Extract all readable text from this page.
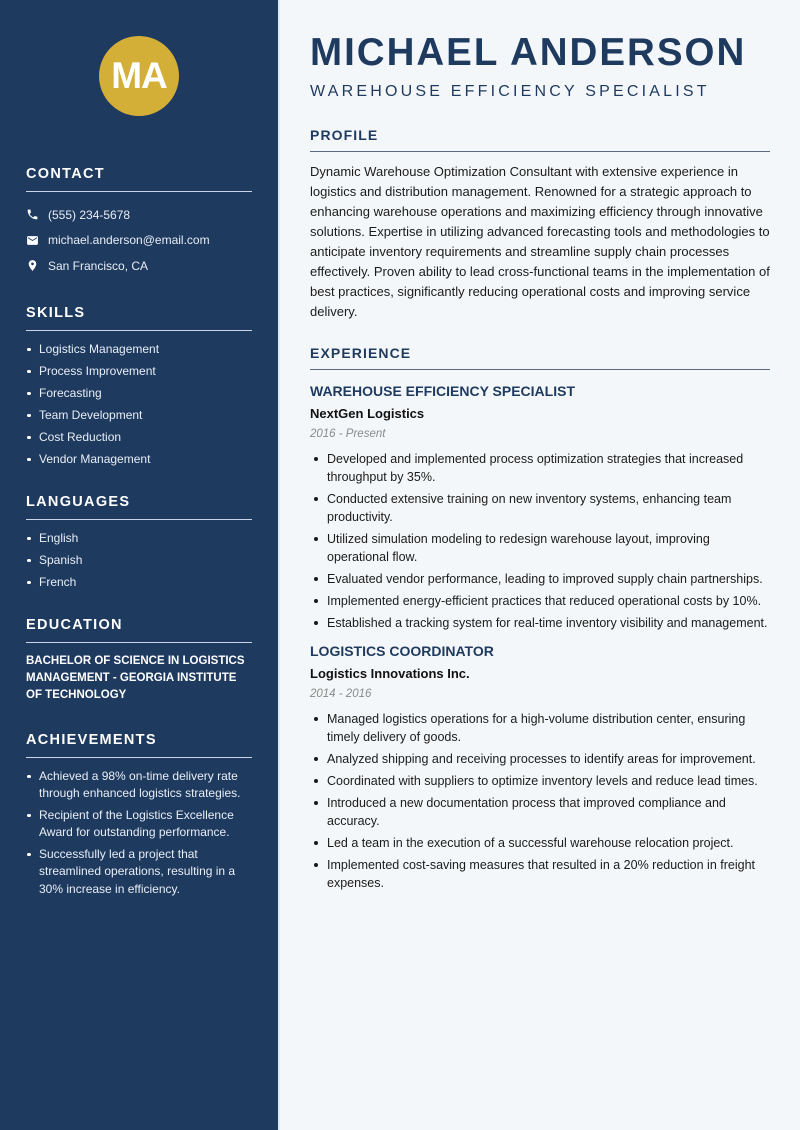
MA
CONTACT
(555) 234-5678
michael.anderson@email.com
San Francisco, CA
SKILLS
Logistics Management
Process Improvement
Forecasting
Team Development
Cost Reduction
Vendor Management
LANGUAGES
English
Spanish
French
EDUCATION

BACHELOR OF SCIENCE IN LOGISTICS MANAGEMENT - GEORGIA INSTITUTE OF TECHNOLOGY

ACHIEVEMENTS
Achieved a 98% on-time delivery rate through enhanced logistics strategies.
Recipient of the Logistics Excellence Award for outstanding performance.
Successfully led a project that streamlined operations, resulting in a 30% increase in efficiency.
MICHAEL ANDERSON
WAREHOUSE EFFICIENCY SPECIALIST
PROFILE

Dynamic Warehouse Optimization Consultant with extensive experience in logistics and distribution management. Renowned for a strategic approach to enhancing warehouse operations and maximizing efficiency through innovative solutions. Expertise in utilizing advanced forecasting tools and methodologies to anticipate inventory requirements and streamline supply chain processes effectively. Proven ability to lead cross-functional teams in the implementation of best practices, significantly reducing operational costs and improving service delivery.

EXPERIENCE
WAREHOUSE EFFICIENCY SPECIALIST
NextGen Logistics
2016 - Present
Developed and implemented process optimization strategies that increased throughput by 35%.
Conducted extensive training on new inventory systems, enhancing team productivity.
Utilized simulation modeling to redesign warehouse layout, improving operational flow.
Evaluated vendor performance, leading to improved supply chain partnerships.
Implemented energy-efficient practices that reduced operational costs by 10%.
Established a tracking system for real-time inventory visibility and management.
LOGISTICS COORDINATOR
Logistics Innovations Inc.
2014 - 2016
Managed logistics operations for a high-volume distribution center, ensuring timely delivery of goods.
Analyzed shipping and receiving processes to identify areas for improvement.
Coordinated with suppliers to optimize inventory levels and reduce lead times.
Introduced a new documentation process that improved compliance and accuracy.
Led a team in the execution of a successful warehouse relocation project.
Implemented cost-saving measures that resulted in a 20% reduction in freight expenses.
